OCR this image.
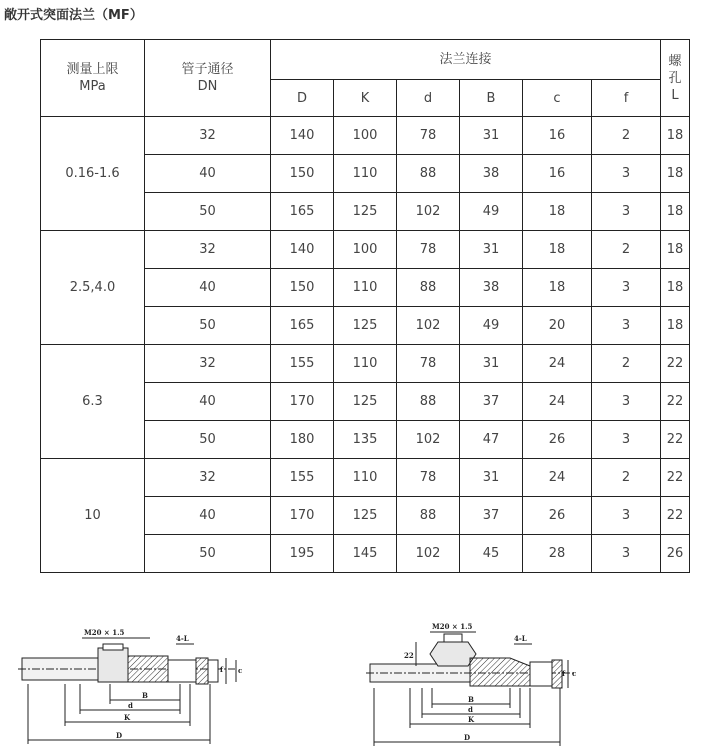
敞开式突面法兰（MF）
测量上限
MPa	管子通径
DN	法兰连接						螺
孔
L

		D	K	d	B	c	f	
0.16-1.6	32	140	100	78	31	16	2	18
	40	150	110	88	38	16	3	18
	50	165	125	102	49	18	3	18
2.5,4.0	32	140	100	78	31	18	2	18
	40	150	110	88	38	18	3	18
	50	165	125	102	49	20	3	18
6.3	32	155	110	78	31	24	2	22
	40	170	125	88	37	24	3	22
	50	180	135	102	47	26	3	22
10	32	155	110	78	31	24	2	22
	40	170	125	88	37	26	3	22
	50	195	145	102	45	28	3	26
M20 × 1.5
4-L
f c
B
d
K
D
M20 × 1.5
22
4-L
f c
B
d
K
D
